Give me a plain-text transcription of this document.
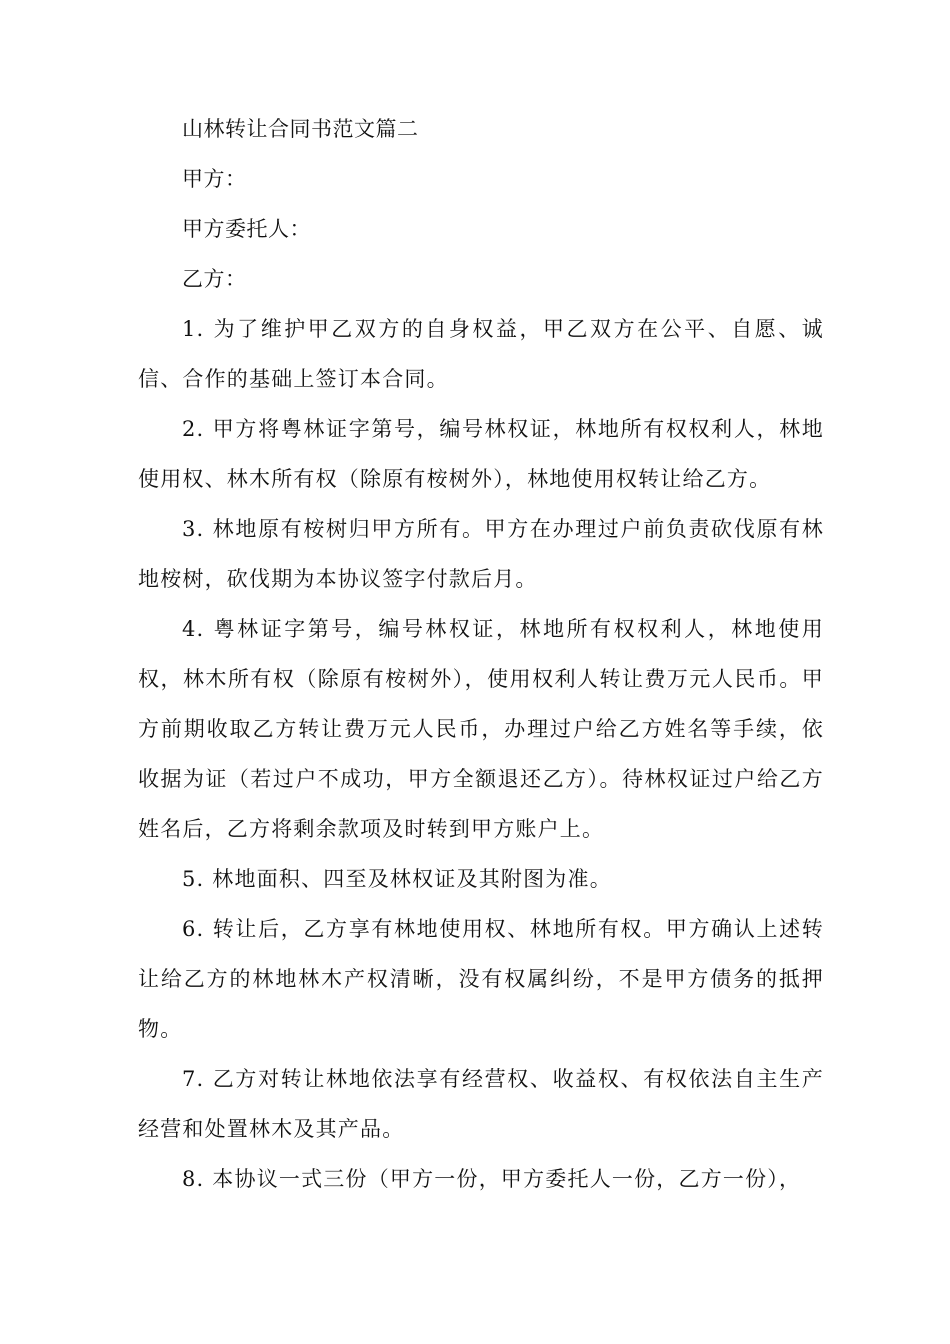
山林转让合同书范文篇二
甲方：
甲方委托人：
乙方：

1. 为了维护甲乙双方的自身权益，甲乙双方在公平、自愿、诚信、合作的基础上签订本合同。

2. 甲方将粤林证字第号，编号林权证，林地所有权权利人，林地使用权、林木所有权（除原有桉树外），林地使用权转让给乙方。

3. 林地原有桉树归甲方所有。甲方在办理过户前负责砍伐原有林地桉树，砍伐期为本协议签字付款后月。

4. 粤林证字第号，编号林权证，林地所有权权利人，林地使用权，林木所有权（除原有桉树外），使用权利人转让费万元人民币。甲 方前期收取乙方转让费万元人民币，办理过户给乙方姓名等手续，依 收据为证（若过户不成功，甲方全额退还乙方）。待林权证过户给乙方 姓名后，乙方将剩余款项及时转到甲方账户上。

5. 林地面积、四至及林权证及其附图为准。

6. 转让后，乙方享有林地使用权、林地所有权。甲方确认上述转让给乙方的林地林木产权清晰，没有权属纠纷，不是甲方债务的抵押物。

7. 乙方对转让林地依法享有经营权、收益权、有权依法自主生产经营和处置林木及其产品。

8. 本协议一式三份（甲方一份，甲方委托人一份，乙方一份），
